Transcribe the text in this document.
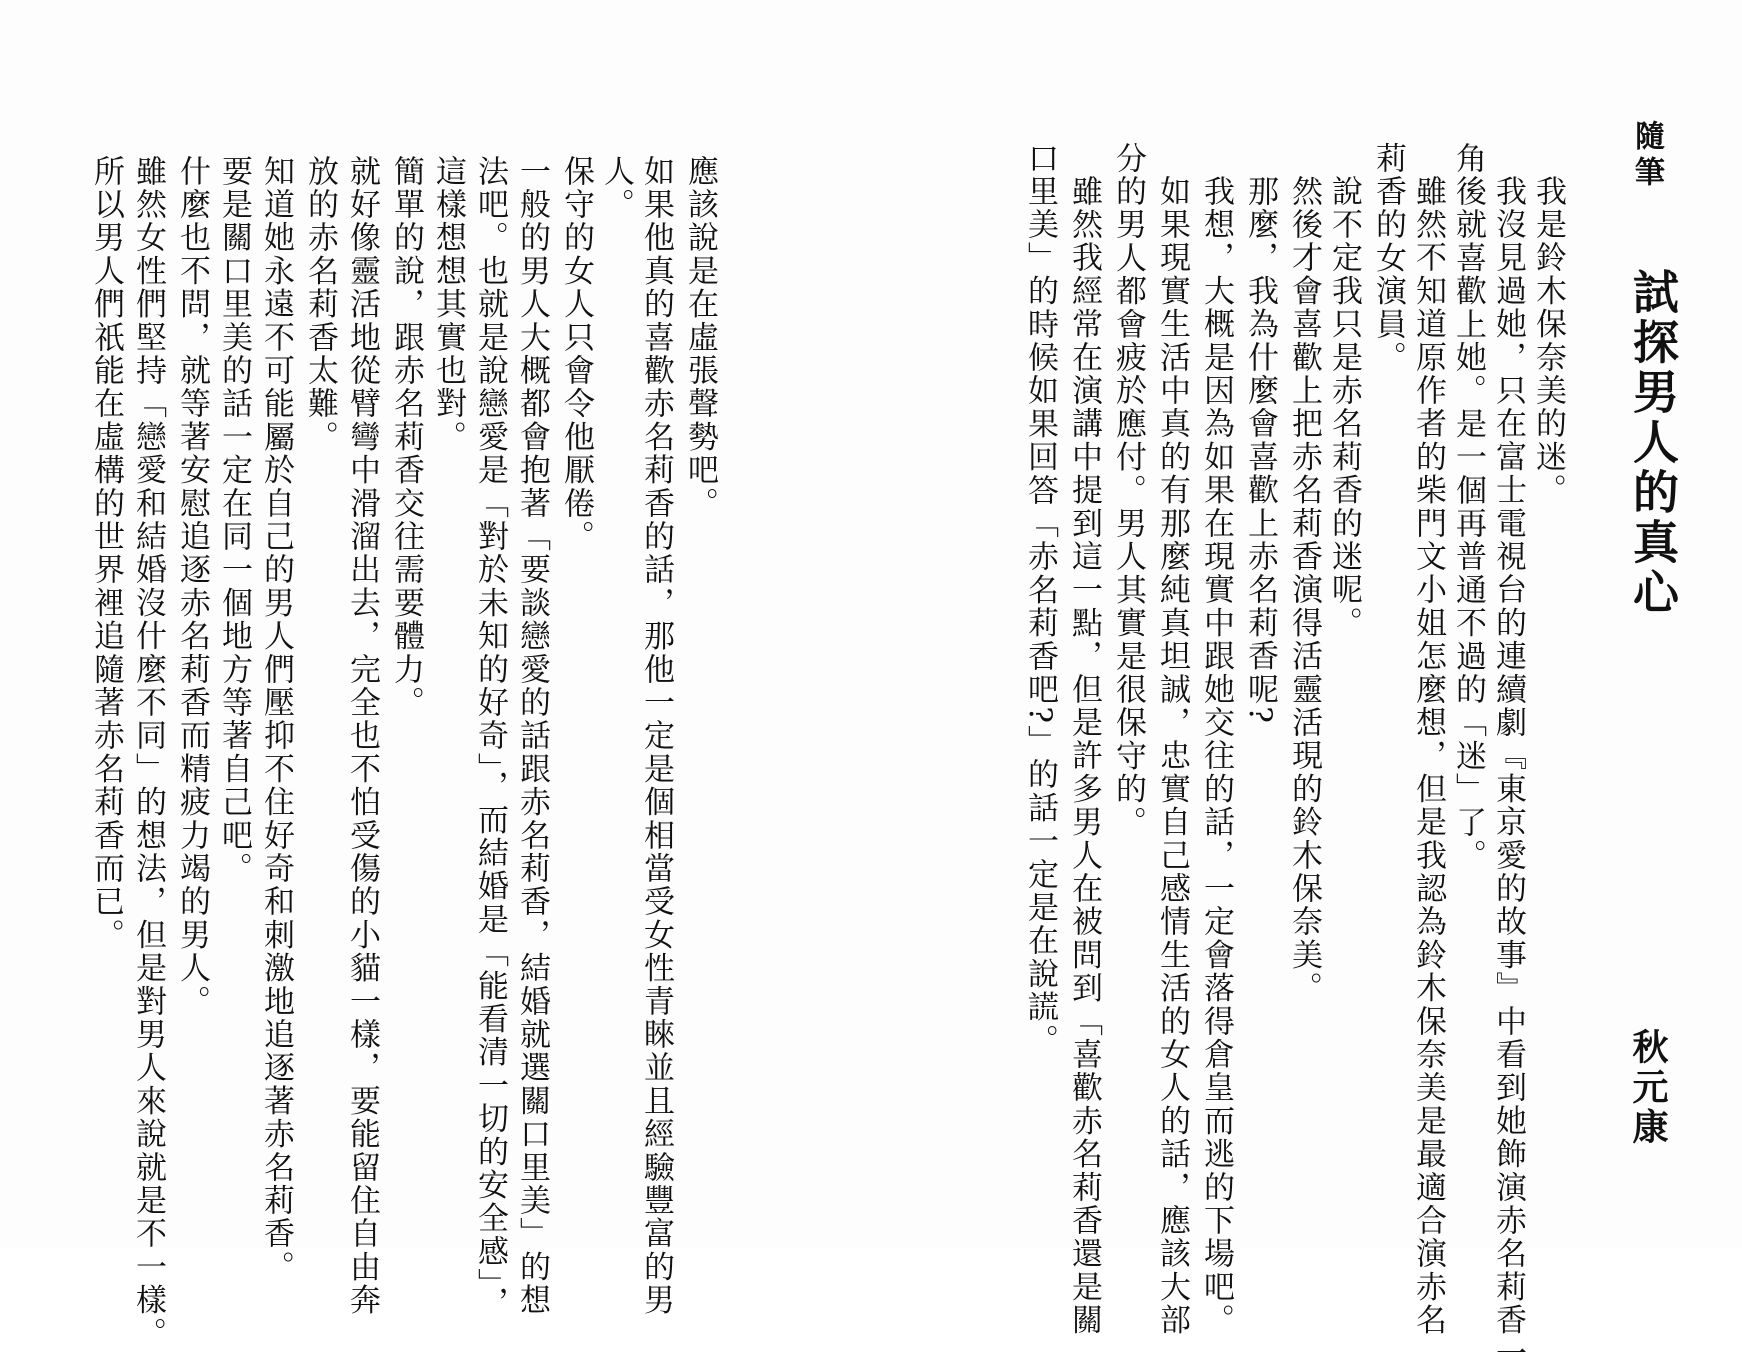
隨筆
試探男人的真心
秋元康
我是鈴木保奈美的迷。
我沒見過她，只在富士電視台的連續劇『東京愛的故事』中看到她飾演赤名莉香一
角後就喜歡上她。是一個再普通不過的「迷」了。
雖然不知道原作者的柴門文小姐怎麼想，但是我認為鈴木保奈美是最適合演赤名
莉香的女演員。
說不定我只是赤名莉香的迷呢。
然後才會喜歡上把赤名莉香演得活靈活現的鈴木保奈美。
那麼，我為什麼會喜歡上赤名莉香呢?
我想，大概是因為如果在現實中跟她交往的話，一定會落得倉皇而逃的下場吧。
如果現實生活中真的有那麼純真坦誠，忠實自己感情生活的女人的話，應該大部
分的男人都會疲於應付。男人其實是很保守的。
雖然我經常在演講中提到這一點，但是許多男人在被問到「喜歡赤名莉香還是關
口里美」的時候如果回答「赤名莉香吧?」的話一定是在說謊。
應該說是在虛張聲勢吧。
如果他真的喜歡赤名莉香的話，那他一定是個相當受女性青睞並且經驗豐富的男
人。
保守的女人只會令他厭倦。
一般的男人大概都會抱著「要談戀愛的話跟赤名莉香，結婚就選關口里美」的想
法吧。也就是說戀愛是「對於未知的好奇」，而結婚是「能看清一切的安全感」，
這樣想想其實也對。
簡單的說，跟赤名莉香交往需要體力。
就好像靈活地從臂彎中滑溜出去，完全也不怕受傷的小貓一樣，要能留住自由奔
放的赤名莉香太難。
知道她永遠不可能屬於自己的男人們壓抑不住好奇和刺激地追逐著赤名莉香。
要是關口里美的話一定在同一個地方等著自己吧。
什麼也不問，就等著安慰追逐赤名莉香而精疲力竭的男人。
雖然女性們堅持「戀愛和結婚沒什麼不同」的想法，但是對男人來說就是不一樣。
所以男人們祇能在虛構的世界裡追隨著赤名莉香而已。
